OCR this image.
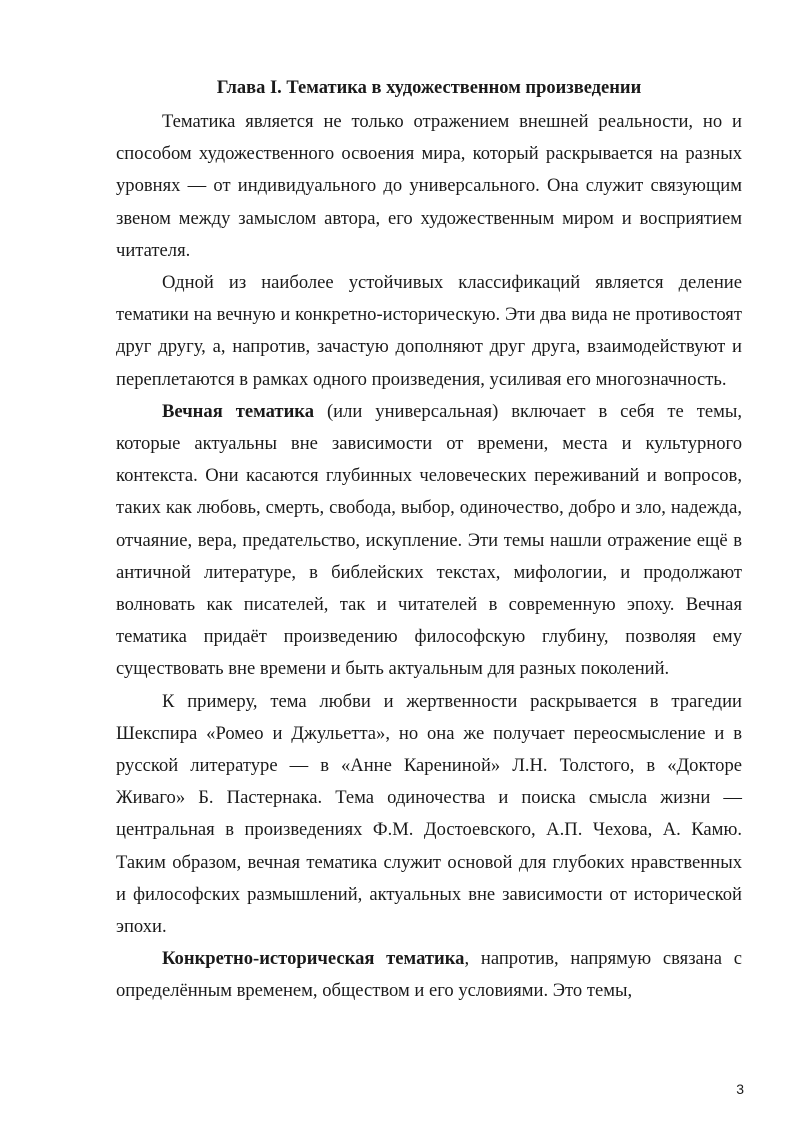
Глава I. Тематика в художественном произведении

Тематика является не только отражением внешней реальности, но и способом художественного освоения мира, который раскрывается на разных уровнях — от индивидуального до универсального. Она служит связующим звеном между замыслом автора, его художественным миром и восприятием читателя.

Одной из наиболее устойчивых классификаций является деление тематики на вечную и конкретно-историческую. Эти два вида не противостоят друг другу, а, напротив, зачастую дополняют друг друга, взаимодействуют и переплетаются в рамках одного произведения, усиливая его многозначность.

Вечная тематика (или универсальная) включает в себя те темы, которые актуальны вне зависимости от времени, места и культурного контекста. Они касаются глубинных человеческих переживаний и вопросов, таких как любовь, смерть, свобода, выбор, одиночество, добро и зло, надежда, отчаяние, вера, предательство, искупление. Эти темы нашли отражение ещё в античной литературе, в библейских текстах, мифологии, и продолжают волновать как писателей, так и читателей в современную эпоху. Вечная тематика придаёт произведению философскую глубину, позволяя ему существовать вне времени и быть актуальным для разных поколений.

К примеру, тема любви и жертвенности раскрывается в трагедии Шекспира «Ромео и Джульетта», но она же получает переосмысление и в русской литературе — в «Анне Карениной» Л.Н. Толстого, в «Докторе Живаго» Б. Пастернака. Тема одиночества и поиска смысла жизни — центральная в произведениях Ф.М. Достоевского, А.П. Чехова, А. Камю. Таким образом, вечная тематика служит основой для глубоких нравственных и философских размышлений, актуальных вне зависимости от исторической эпохи.

Конкретно-историческая тематика, напротив, напрямую связана с определённым временем, обществом и его условиями. Это темы,

3
